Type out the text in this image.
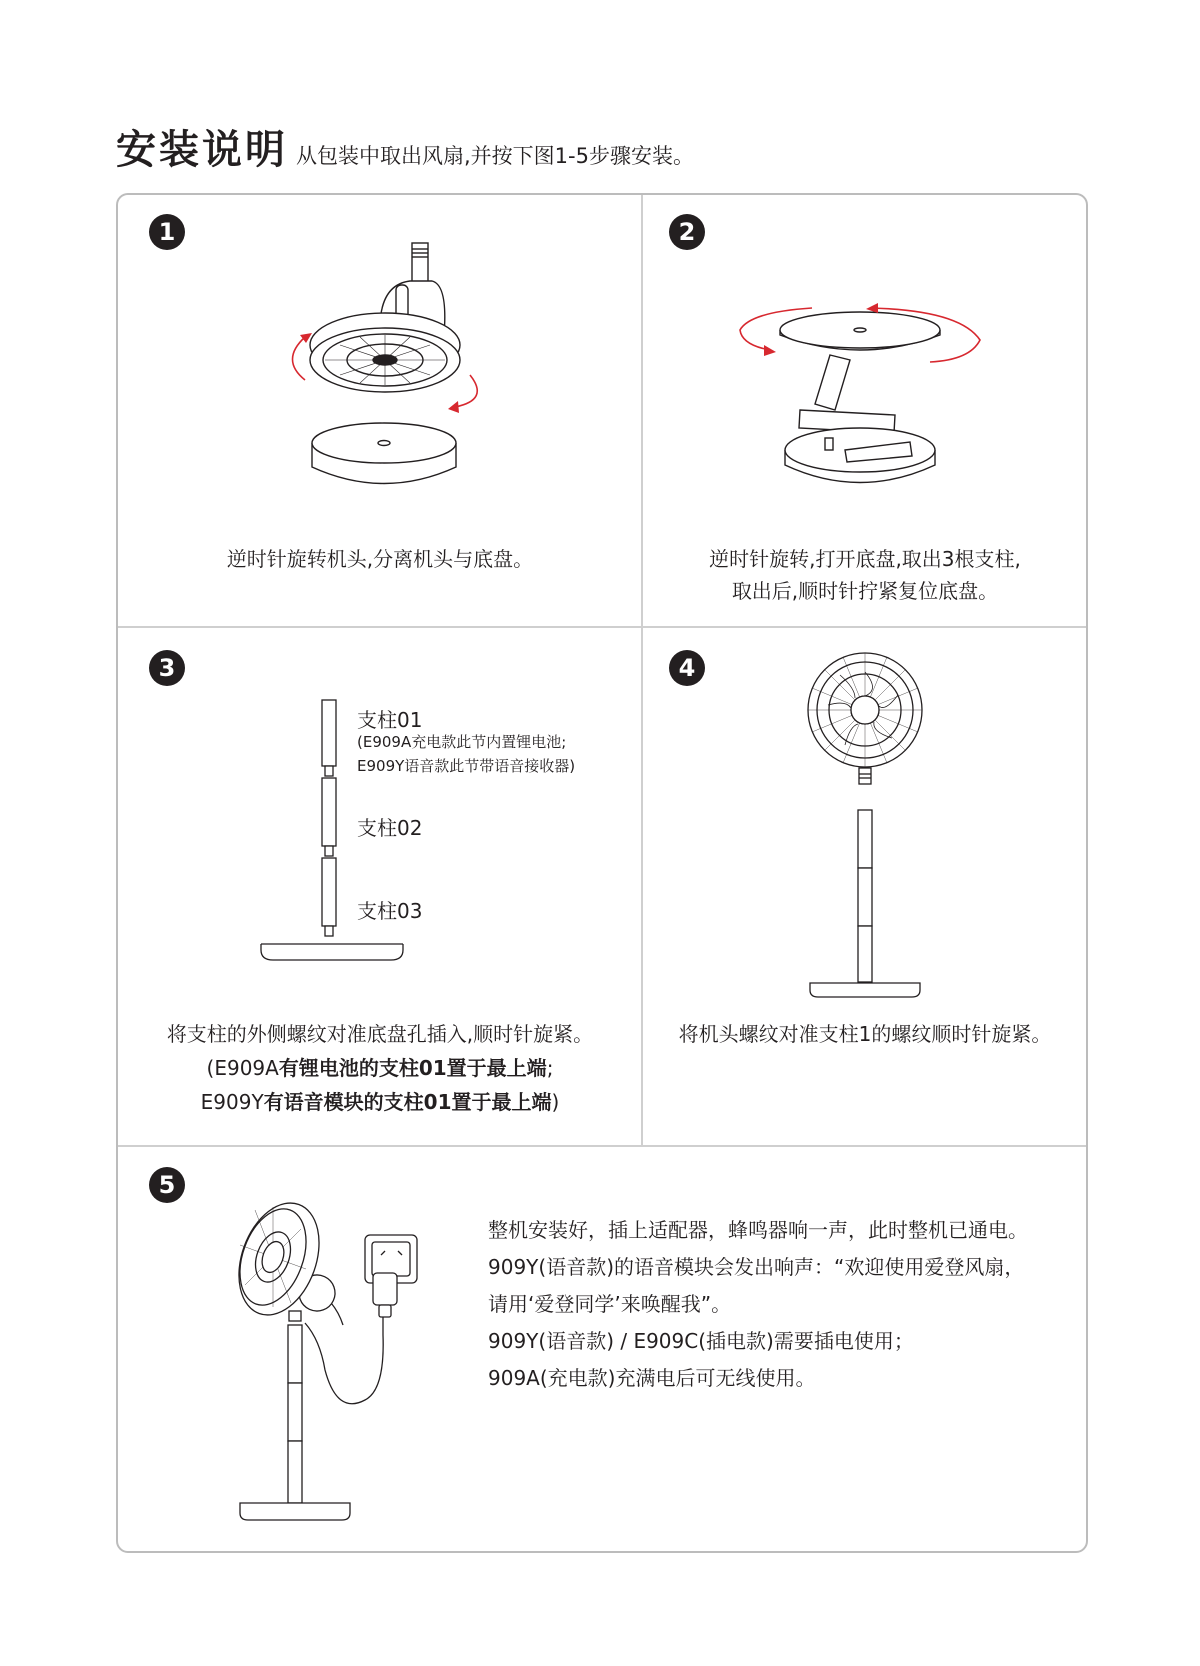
安装说明 从包装中取出风扇,并按下图1-5步骤安装。
1
逆时针旋转机头,分离机头与底盘。
2
逆时针旋转,打开底盘,取出3根支柱,
取出后,顺时针拧紧复位底盘。
3
支柱01
(E909A充电款此节内置锂电池;
E909Y语音款此节带语音接收器)
支柱02
支柱03
将支柱的外侧螺纹对准底盘孔插入,顺时针旋紧。
(E909A有锂电池的支柱01置于最上端;
E909Y有语音模块的支柱01置于最上端)
4
将机头螺纹对准支柱1的螺纹顺时针旋紧。
5
整机安装好，插上适配器，蜂鸣器响一声，此时整机已通电。
909Y(语音款)的语音模块会发出响声：“欢迎使用爱登风扇，
请用‘爱登同学’来唤醒我”。
909Y(语音款) / E909C(插电款)需要插电使用；
909A(充电款)充满电后可无线使用。
